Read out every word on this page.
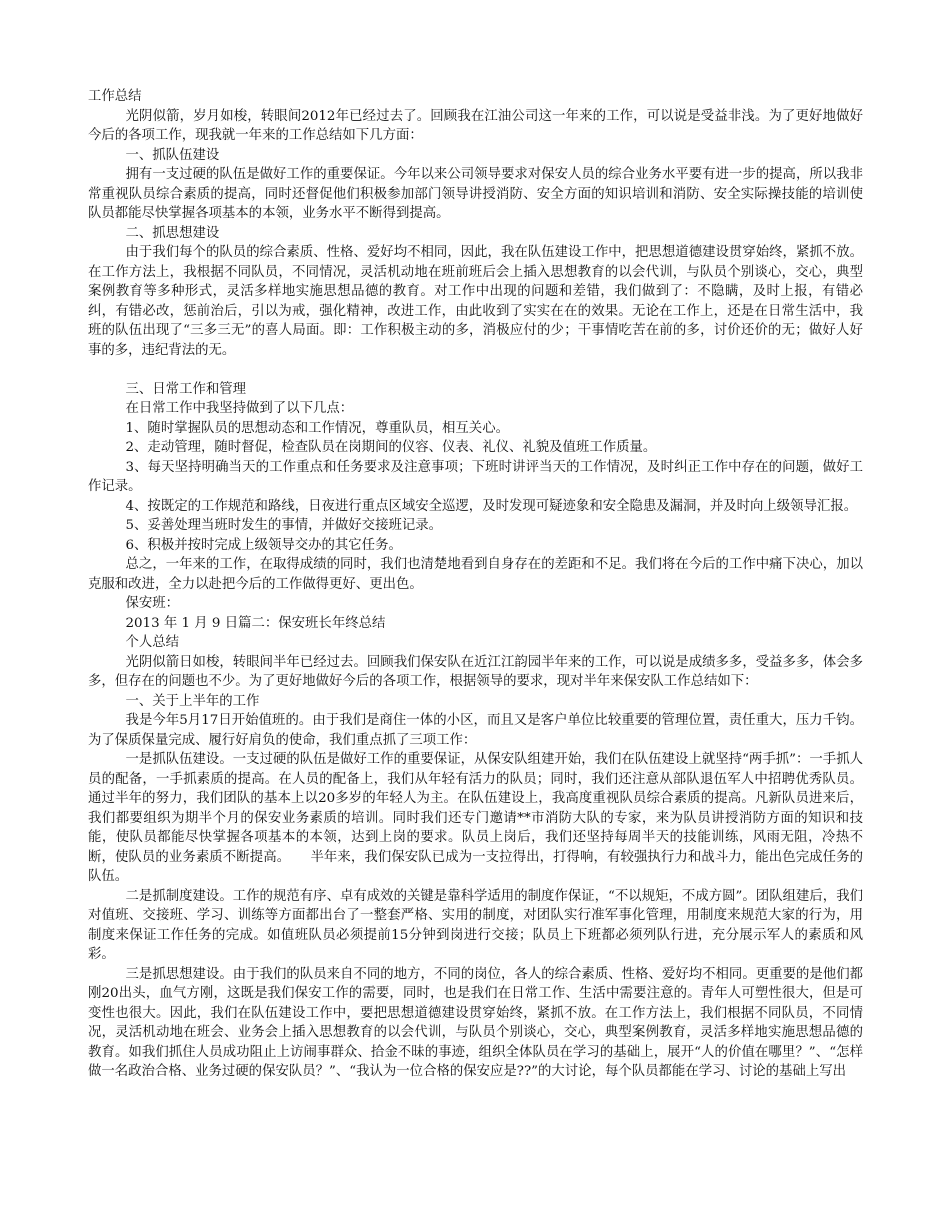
工作总结

光阴似箭，岁月如梭，转眼间2012年已经过去了。回顾我在江油公司这一年来的工作，可以说是受益非浅。为了更好地做好今后的各项工作，现我就一年来的工作总结如下几方面：

一、抓队伍建设

拥有一支过硬的队伍是做好工作的重要保证。今年以来公司领导要求对保安人员的综合业务水平要有进一步的提高，所以我非常重视队员综合素质的提高，同时还督促他们积极参加部门领导讲授消防、安全方面的知识培训和消防、安全实际操技能的培训使队员都能尽快掌握各项基本的本领，业务水平不断得到提高。

二、抓思想建设

由于我们每个的队员的综合素质、性格、爱好均不相同，因此，我在队伍建设工作中，把思想道德建设贯穿始终，紧抓不放。在工作方法上，我根据不同队员，不同情况，灵活机动地在班前班后会上插入思想教育的以会代训，与队员个别谈心，交心，典型案例教育等多种形式，灵活多样地实施思想品德的教育。对工作中出现的问题和差错，我们做到了：不隐瞒，及时上报，有错必纠，有错必改，惩前治后，引以为戒，强化精神，改进工作，由此收到了实实在在的效果。无论在工作上，还是在日常生活中，我班的队伍出现了“三多三无”的喜人局面。即：工作积极主动的多，消极应付的少；干事情吃苦在前的多，讨价还价的无；做好人好事的多，违纪背法的无。

三、日常工作和管理

在日常工作中我坚持做到了以下几点：

1、随时掌握队员的思想动态和工作情况，尊重队员，相互关心。

2、走动管理，随时督促，检查队员在岗期间的仪容、仪表、礼仪、礼貌及值班工作质量。

3、每天坚持明确当天的工作重点和任务要求及注意事项；下班时讲评当天的工作情况，及时纠正工作中存在的问题，做好工作记录。

4、按既定的工作规范和路线，日夜进行重点区域安全巡逻，及时发现可疑迹象和安全隐患及漏洞，并及时向上级领导汇报。

5、妥善处理当班时发生的事情，并做好交接班记录。

6、积极并按时完成上级领导交办的其它任务。

总之，一年来的工作，在取得成绩的同时，我们也清楚地看到自身存在的差距和不足。我们将在今后的工作中痛下决心，加以克服和改进，全力以赴把今后的工作做得更好、更出色。

保安班：

2013 年 1 月 9 日篇二：保安班长年终总结

个人总结

光阴似箭日如梭，转眼间半年已经过去。回顾我们保安队在近江江韵园半年来的工作，可以说是成绩多多，受益多多，体会多多，但存在的问题也不少。为了更好地做好今后的各项工作，根据领导的要求，现对半年来保安队工作总结如下：

一、关于上半年的工作

我是今年5月17日开始值班的。由于我们是商住一体的小区，而且又是客户单位比较重要的管理位置，责任重大，压力千钧。为了保质保量完成、履行好肩负的使命，我们重点抓了三项工作：

一是抓队伍建设。一支过硬的队伍是做好工作的重要保证，从保安队组建开始，我们在队伍建设上就坚持“两手抓”：一手抓人员的配备，一手抓素质的提高。在人员的配备上，我们从年轻有活力的队员；同时，我们还注意从部队退伍军人中招聘优秀队员。通过半年的努力，我们团队的基本上以20多岁的年轻人为主。在队伍建设上，我高度重视队员综合素质的提高。凡新队员进来后，我们都要组织为期半个月的保安业务素质的培训。同时我们还专门邀请**市消防大队的专家，来为队员讲授消防方面的知识和技能，使队员都能尽快掌握各项基本的本领，达到上岗的要求。队员上岗后，我们还坚持每周半天的技能训练，风雨无阻，冷热不断，使队员的业务素质不断提高。　　半年来，我们保安队已成为一支拉得出，打得响，有较强执行力和战斗力，能出色完成任务的队伍。

二是抓制度建设。工作的规范有序、卓有成效的关键是靠科学适用的制度作保证，“不以规矩，不成方圆”。团队组建后，我们对值班、交接班、学习、训练等方面都出台了一整套严格、实用的制度，对团队实行准军事化管理，用制度来规范大家的行为，用制度来保证工作任务的完成。如值班队员必须提前15分钟到岗进行交接；队员上下班都必须列队行进，充分展示军人的素质和风彩。

三是抓思想建设。由于我们的队员来自不同的地方，不同的岗位，各人的综合素质、性格、爱好均不相同。更重要的是他们都刚20出头，血气方刚，这既是我们保安工作的需要，同时，也是我们在日常工作、生活中需要注意的。青年人可塑性很大，但是可变性也很大。因此，我们在队伍建设工作中，要把思想道德建设贯穿始终，紧抓不放。在工作方法上，我们根据不同队员，不同情况，灵活机动地在班会、业务会上插入思想教育的以会代训，与队员个别谈心，交心，典型案例教育，灵活多样地实施思想品德的教育。如我们抓住人员成功阻止上访闹事群众、拾金不昧的事迹，组织全体队员在学习的基础上，展开“人的价值在哪里？”、“怎样做一名政治合格、业务过硬的保安队员？”、“我认为一位合格的保安应是??”的大讨论，每个队员都能在学习、讨论的基础上写出
